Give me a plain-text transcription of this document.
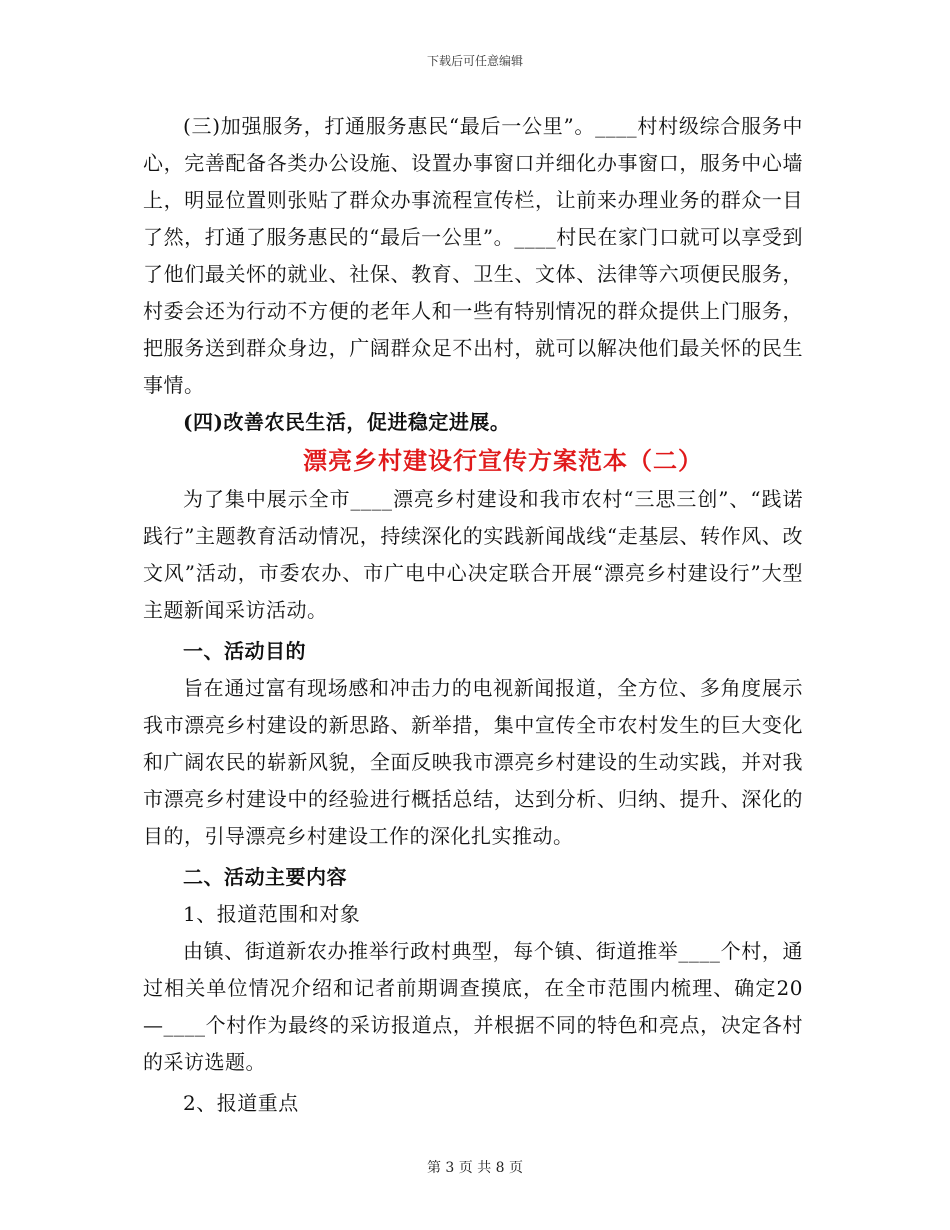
下载后可任意编辑

(三)加强服务，打通服务惠民“最后一公里”。____村村级综合服务中心，完善配备各类办公设施、设置办事窗口并细化办事窗口，服务中心墙上，明显位置则张贴了群众办事流程宣传栏，让前来办理业务的群众一目了然，打通了服务惠民的“最后一公里”。____村民在家门口就可以享受到了他们最关怀的就业、社保、教育、卫生、文体、法律等六项便民服务，村委会还为行动不方便的老年人和一些有特别情况的群众提供上门服务，把服务送到群众身边，广阔群众足不出村，就可以解决他们最关怀的民生事情。

(四)改善农民生活，促进稳定进展。

漂亮乡村建设行宣传方案范本（二）

为了集中展示全市____漂亮乡村建设和我市农村“三思三创”、“践诺践行”主题教育活动情况，持续深化的实践新闻战线“走基层、转作风、改文风”活动，市委农办、市广电中心决定联合开展“漂亮乡村建设行”大型主题新闻采访活动。

一、活动目的

旨在通过富有现场感和冲击力的电视新闻报道，全方位、多角度展示我市漂亮乡村建设的新思路、新举措，集中宣传全市农村发生的巨大变化和广阔农民的崭新风貌，全面反映我市漂亮乡村建设的生动实践，并对我市漂亮乡村建设中的经验进行概括总结，达到分析、归纳、提升、深化的目的，引导漂亮乡村建设工作的深化扎实推动。

二、活动主要内容

1、报道范围和对象

由镇、街道新农办推举行政村典型，每个镇、街道推举____个村，通过相关单位情况介绍和记者前期调查摸底，在全市范围内梳理、确定20—____个村作为最终的采访报道点，并根据不同的特色和亮点，决定各村的采访选题。

2、报道重点

第 3 页 共 8 页
